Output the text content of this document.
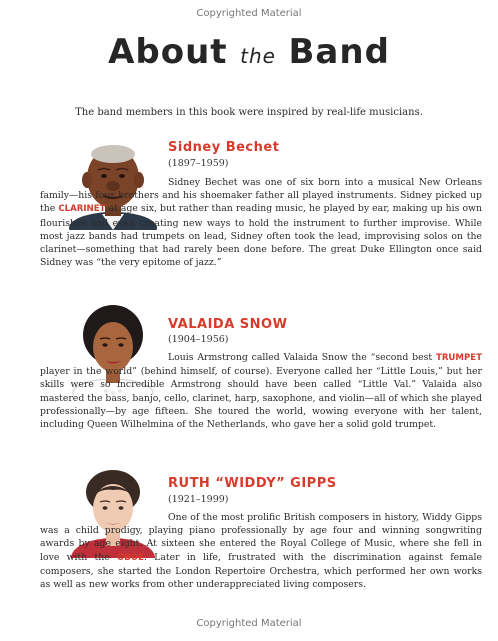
Copyrighted Material
About the Band
The band members in this book were inspired by real-life musicians.
Sidney Bechet
(1897–1959)
Sidney Bechet was one of six born into a musical New Orleans family—his four brothers and his shoemaker father all played instruments. Sidney picked up the CLARINET at age six, but rather than reading music, he played by ear, making up his own flourishes and even creating new ways to hold the instrument to further improvise. While most jazz bands had trumpets on lead, Sidney often took the lead, improvising solos on the clarinet—something that had rarely been done before. The great Duke Ellington once said Sidney was “the very epitome of jazz.”
VALAIDA SNOW
(1904–1956)
Louis Armstrong called Valaida Snow the “second best TRUMPET player in the world” (behind himself, of course). Everyone called her “Little Louis,” but her skills were so incredible Armstrong should have been called “Little Val.” Valaida also mastered the bass, banjo, cello, clarinet, harp, saxophone, and violin—all of which she played professionally—by age fifteen. She toured the world, wowing everyone with her talent, including Queen Wilhelmina of the Netherlands, who gave her a solid gold trumpet.
RUTH “WIDDY” GIPPS
(1921–1999)
One of the most prolific British composers in history, Widdy Gipps was a child prodigy, playing piano professionally by age four and winning songwriting awards by age eight. At sixteen she entered the Royal College of Music, where she fell in love with the OBOE. Later in life, frustrated with the discrimination against female composers, she started the London Repertoire Orchestra, which performed her own works as well as new works from other underappreciated living composers.
Copyrighted Material
